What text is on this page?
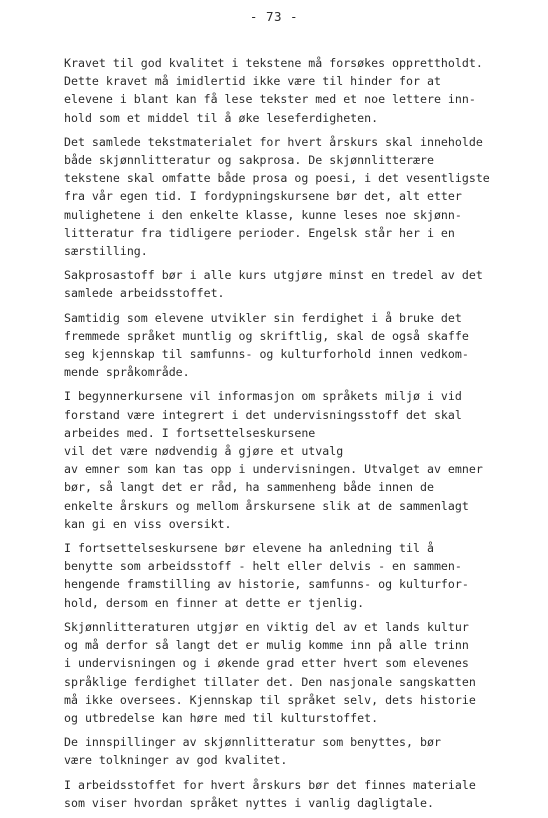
- 73 -
Kravet til god kvalitet i tekstene må forsøkes opprettholdt.
Dette kravet må imidlertid ikke være til hinder for at
elevene i blant kan få lese tekster med et noe lettere inn-
hold som et middel til å øke leseferdigheten.
Det samlede tekstmaterialet for hvert årskurs skal inneholde
både skjønnlitteratur og sakprosa. De skjønnlitterære
tekstene skal omfatte både prosa og poesi, i det vesentligste
fra vår egen tid. I fordypningskursene bør det, alt etter
mulighetene i den enkelte klasse, kunne leses noe skjønn-
litteratur fra tidligere perioder. Engelsk står her i en
særstilling.
Sakprosastoff bør i alle kurs utgjøre minst en tredel av det
samlede arbeidsstoffet.
Samtidig som elevene utvikler sin ferdighet i å bruke det
fremmede språket muntlig og skriftlig, skal de også skaffe
seg kjennskap til samfunns- og kulturforhold innen vedkom-
mende språkområde.
I begynnerkursene vil informasjon om språkets miljø i vid
forstand være integrert i det undervisningsstoff det skal
arbeides med. I fortsettelseskursene
vil det være nødvendig å gjøre et utvalg
av emner som kan tas opp i undervisningen. Utvalget av emner
bør, så langt det er råd, ha sammenheng både innen de
enkelte årskurs og mellom årskursene slik at de sammenlagt
kan gi en viss oversikt.
I fortsettelseskursene bør elevene ha anledning til å
benytte som arbeidsstoff - helt eller delvis - en sammen-
hengende framstilling av historie, samfunns- og kulturfor-
hold, dersom en finner at dette er tjenlig.
Skjønnlitteraturen utgjør en viktig del av et lands kultur
og må derfor så langt det er mulig komme inn på alle trinn
i undervisningen og i økende grad etter hvert som elevenes
språklige ferdighet tillater det. Den nasjonale sangskatten
må ikke oversees. Kjennskap til språket selv, dets historie
og utbredelse kan høre med til kulturstoffet.
De innspillinger av skjønnlitteratur som benyttes, bør
være tolkninger av god kvalitet.
I arbeidsstoffet for hvert årskurs bør det finnes materiale
som viser hvordan språket nyttes i vanlig dagligtale.
